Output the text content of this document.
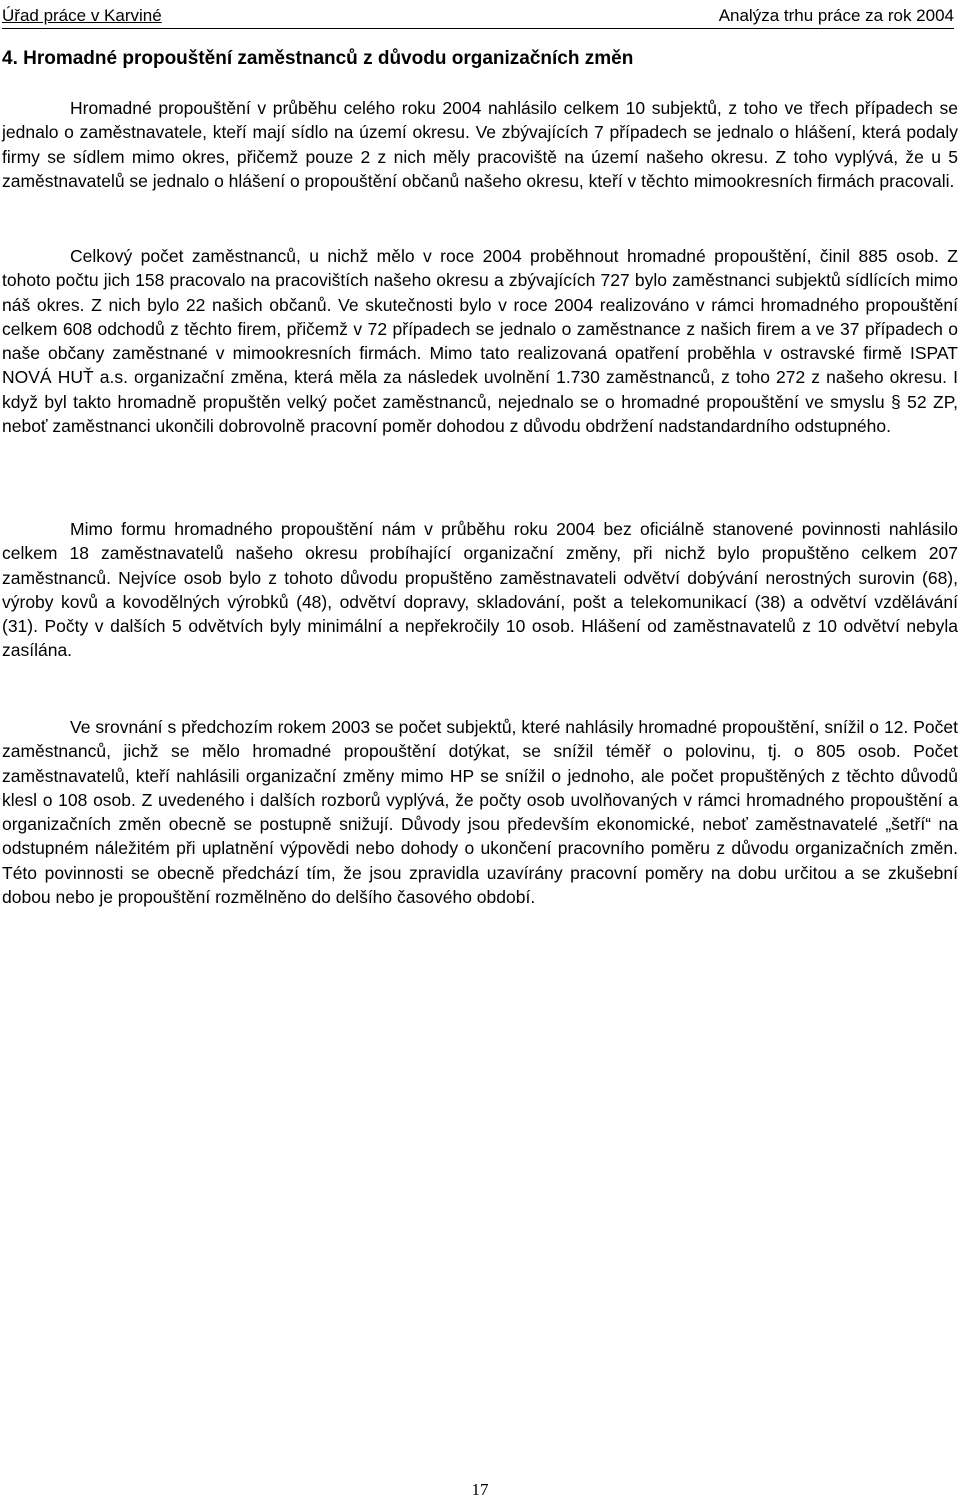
Úřad práce v Karviné	Analýza trhu práce za rok 2004
4. Hromadné propouštění zaměstnanců z důvodu organizačních změn

Hromadné propouštění v průběhu celého roku 2004 nahlásilo celkem 10 subjektů, z toho ve třech případech se jednalo o zaměstnavatele, kteří mají sídlo na území okresu. Ve zbývajících 7 případech se jednalo o hlášení, která podaly firmy se sídlem mimo okres, přičemž pouze 2 z nich měly pracoviště na území našeho okresu. Z toho vyplývá, že u 5 zaměstnavatelů se jednalo o hlášení o propouštění občanů našeho okresu, kteří v těchto mimookresních firmách pracovali.

Celkový počet zaměstnanců, u nichž mělo v roce 2004 proběhnout hromadné propouštění, činil 885 osob. Z tohoto počtu jich 158 pracovalo na pracovištích našeho okresu a zbývajících 727 bylo zaměstnanci subjektů sídlících mimo náš okres. Z nich bylo 22 našich občanů. Ve skutečnosti bylo v roce 2004 realizováno v rámci hromadného propouštění celkem 608 odchodů z těchto firem, přičemž v 72 případech se jednalo o zaměstnance z našich firem a ve 37 případech o naše občany zaměstnané v mimookresních firmách. Mimo tato realizovaná opatření proběhla v ostravské firmě ISPAT NOVÁ HUŤ a.s. organizační změna, která měla za následek uvolnění 1.730 zaměstnanců, z toho 272 z našeho okresu. I když byl takto hromadně propuštěn velký počet zaměstnanců, nejednalo se o hromadné propouštění ve smyslu § 52 ZP, neboť zaměstnanci ukončili dobrovolně pracovní poměr dohodou z důvodu obdržení nadstandardního odstupného.

Mimo formu hromadného propouštění nám v průběhu roku 2004 bez oficiálně stanovené povinnosti nahlásilo celkem 18 zaměstnavatelů našeho okresu probíhající organizační změny, při nichž bylo propuštěno celkem 207 zaměstnanců. Nejvíce osob bylo z tohoto důvodu propuštěno zaměstnavateli odvětví dobývání nerostných surovin (68), výroby kovů a kovodělných výrobků (48), odvětví dopravy, skladování, pošt a telekomunikací (38) a odvětví vzdělávání (31). Počty v dalších 5 odvětvích byly minimální a nepřekročily 10 osob. Hlášení od zaměstnavatelů z 10 odvětví nebyla zasílána.

Ve srovnání s předchozím rokem 2003 se počet subjektů, které nahlásily hromadné propouštění, snížil o 12. Počet zaměstnanců, jichž se mělo hromadné propouštění dotýkat, se snížil téměř o polovinu, tj. o 805 osob. Počet zaměstnavatelů, kteří nahlásili organizační změny mimo HP se snížil o jednoho, ale počet propuštěných z těchto důvodů klesl o 108 osob. Z uvedeného i dalších rozborů vyplývá, že počty osob uvolňovaných v rámci hromadného propouštění a organizačních změn obecně se postupně snižují. Důvody jsou především ekonomické, neboť zaměstnavatelé „šetří“ na odstupném náležitém při uplatnění výpovědi nebo dohody o ukončení pracovního poměru z důvodu organizačních změn. Této povinnosti se obecně předchází tím, že jsou zpravidla uzavírány pracovní poměry na dobu určitou a se zkušební dobou nebo je propouštění rozmělněno do delšího časového období.

17
